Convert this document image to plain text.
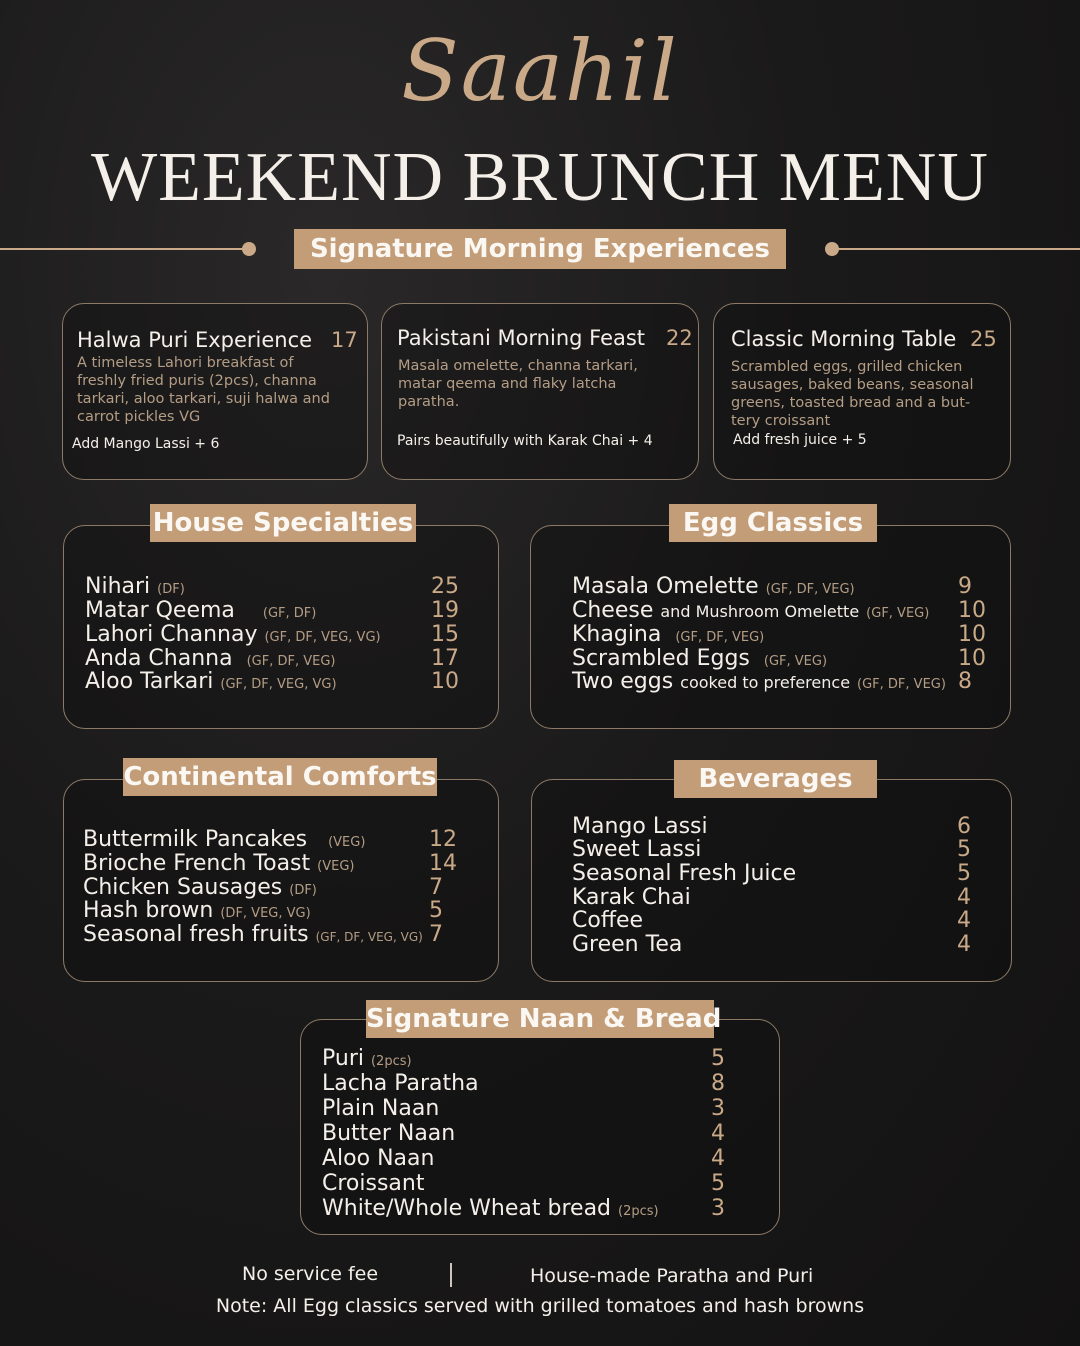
Saahil
WEEKEND BRUNCH MENU
Signature Morning Experiences
Halwa Puri Experience 17
A timeless Lahori breakfast of
freshly fried puris (2pcs), channa
tarkari, aloo tarkari, suji halwa and
carrot pickles VG
Add Mango Lassi + 6
Pakistani Morning Feast 22
Masala omelette, channa tarkari,
matar qeema and flaky latcha
paratha.
Pairs beautifully with Karak Chai + 4
Classic Morning Table 25
Scrambled eggs, grilled chicken
sausages, baked beans, seasonal
greens, toasted bread and a but-
tery croissant
Add fresh juice + 5
House Specialties
Nihari (DF)	25
Matar Qeema (GF, DF)	19
Lahori Channay (GF, DF, VEG, VG) 15
Anda Channa (GF, DF, VEG)	17
Aloo Tarkari (GF, DF, VEG, VG)	10
Egg Classics
Masala Omelette (GF, DF, VEG)	9
Cheese and Mushroom Omelette (GF, VEG) 10
Khagina (GF, DF, VEG)	10
Scrambled Eggs (GF, VEG)	10
Two eggs cooked to preference (GF, DF, VEG) 8
Continental Comforts
Buttermilk Pancakes (VEG)	12
Brioche French Toast (VEG)	14
Chicken Sausages (DF)	7
Hash brown (DF, VEG, VG)	5
Seasonal fresh fruits (GF, DF, VEG, VG) 7
Beverages
Mango Lassi	6
Sweet Lassi	5
Seasonal Fresh Juice	5
Karak Chai	4
Coffee	4
Green Tea	4
Signature Naan & Bread
Puri (2pcs)	5
Lacha Paratha	8
Plain Naan	3
Butter Naan	4
Aloo Naan	4
Croissant	5
White/Whole Wheat bread (2pcs) 3
No service fee	House-made Paratha and Puri
Note: All Egg classics served with grilled tomatoes and hash browns
